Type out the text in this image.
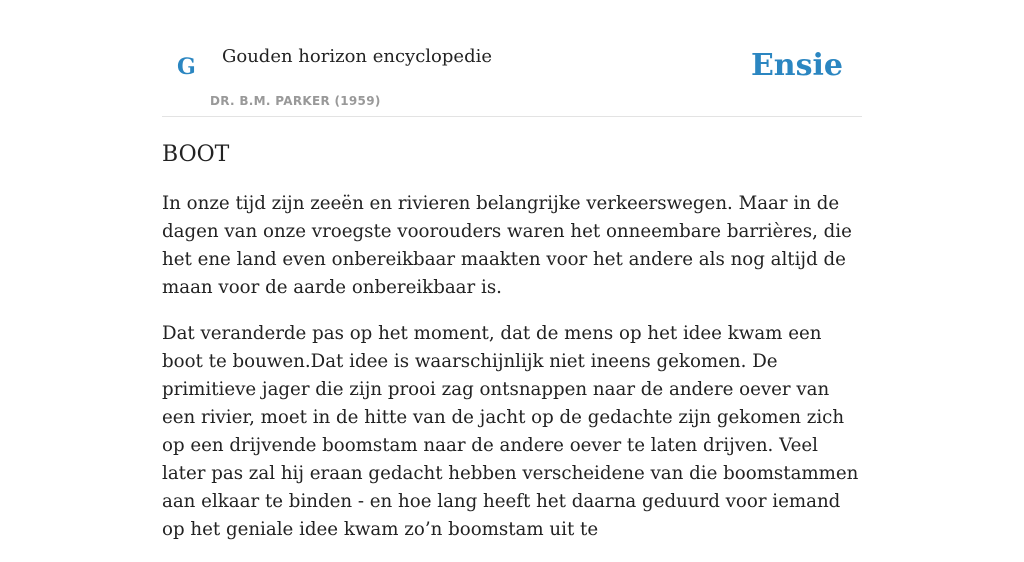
G Gouden horizon encyclopedie
DR. B.M. PARKER (1959)
Ensie
BOOT

In onze tijd zijn zeeën en rivieren belangrijke verkeerswegen. Maar in de dagen van onze vroegste voorouders waren het onneembare barrières, die het ene land even onbereikbaar maakten voor het andere als nog altijd de maan voor de aarde onbereikbaar is.

Dat veranderde pas op het moment, dat de mens op het idee kwam een boot te bouwen.Dat idee is waarschijnlijk niet ineens gekomen. De primitieve jager die zijn prooi zag ontsnappen naar de andere oever van een rivier, moet in de hitte van de jacht op de gedachte zijn gekomen zich op een drijvende boomstam naar de andere oever te laten drijven. Veel later pas zal hij eraan gedacht hebben verscheidene van die boomstammen aan elkaar te binden - en hoe lang heeft het daarna geduurd voor iemand op het geniale idee kwam zo’n boomstam uit te
